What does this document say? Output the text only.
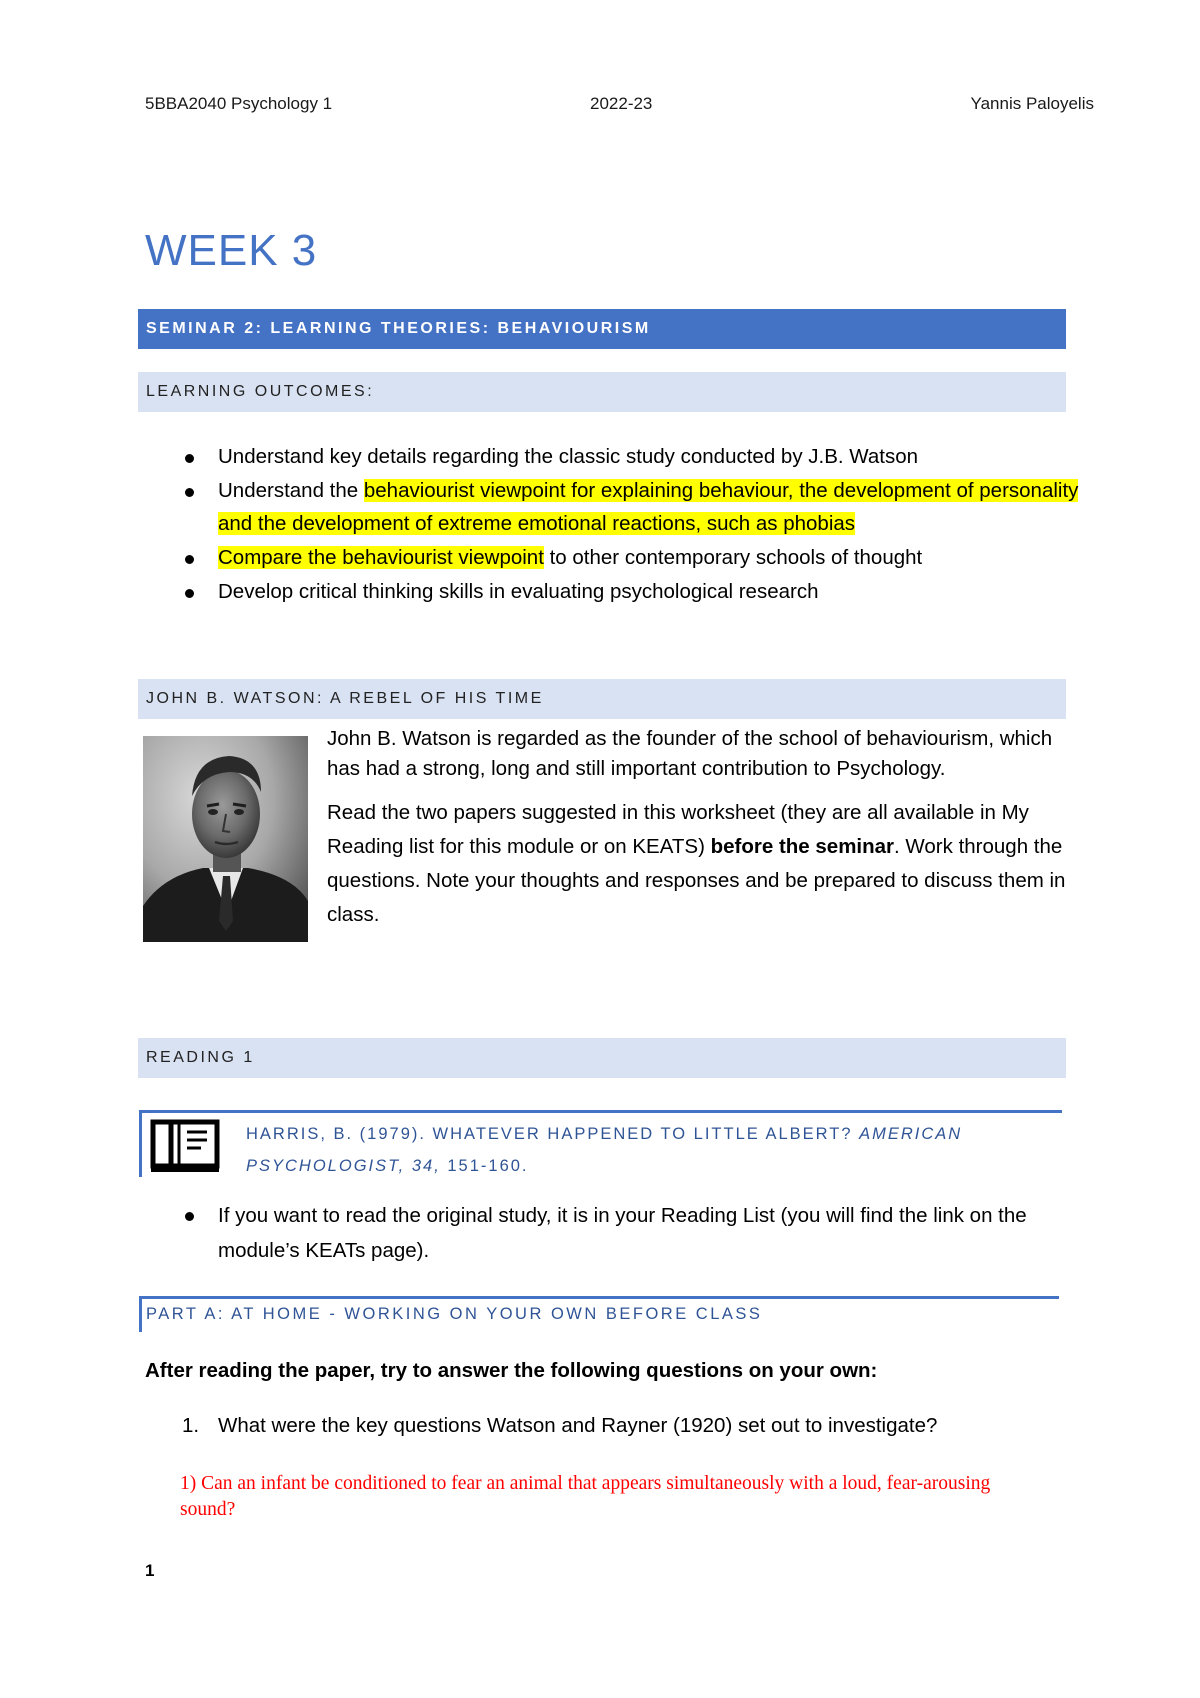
5BBA2040 Psychology 1	2022-23	Yannis Paloyelis
WEEK 3
SEMINAR 2: LEARNING THEORIES: BEHAVIOURISM
LEARNING OUTCOMES:
Understand key details regarding the classic study conducted by J.B. Watson
Understand the behaviourist viewpoint for explaining behaviour, the development of personality and the development of extreme emotional reactions, such as phobias
Compare the behaviourist viewpoint to other contemporary schools of thought
Develop critical thinking skills in evaluating psychological research
JOHN B. WATSON: A REBEL OF HIS TIME

John B. Watson is regarded as the founder of the school of behaviourism, which has had a strong, long and still important contribution to Psychology.

Read the two papers suggested in this worksheet (they are all available in My Reading list for this module or on KEATS) before the seminar. Work through the questions. Note your thoughts and responses and be prepared to discuss them in class.

READING 1
HARRIS, B. (1979). WHATEVER HAPPENED TO LITTLE ALBERT? AMERICAN PSYCHOLOGIST, 34, 151-160.
If you want to read the original study, it is in your Reading List (you will find the link on the module’s KEATs page).
PART A: AT HOME - WORKING ON YOUR OWN BEFORE CLASS
After reading the paper, try to answer the following questions on your own:
1. What were the key questions Watson and Rayner (1920) set out to investigate?
1) Can an infant be conditioned to fear an animal that appears simultaneously with a loud, fear-arousing sound?
1
